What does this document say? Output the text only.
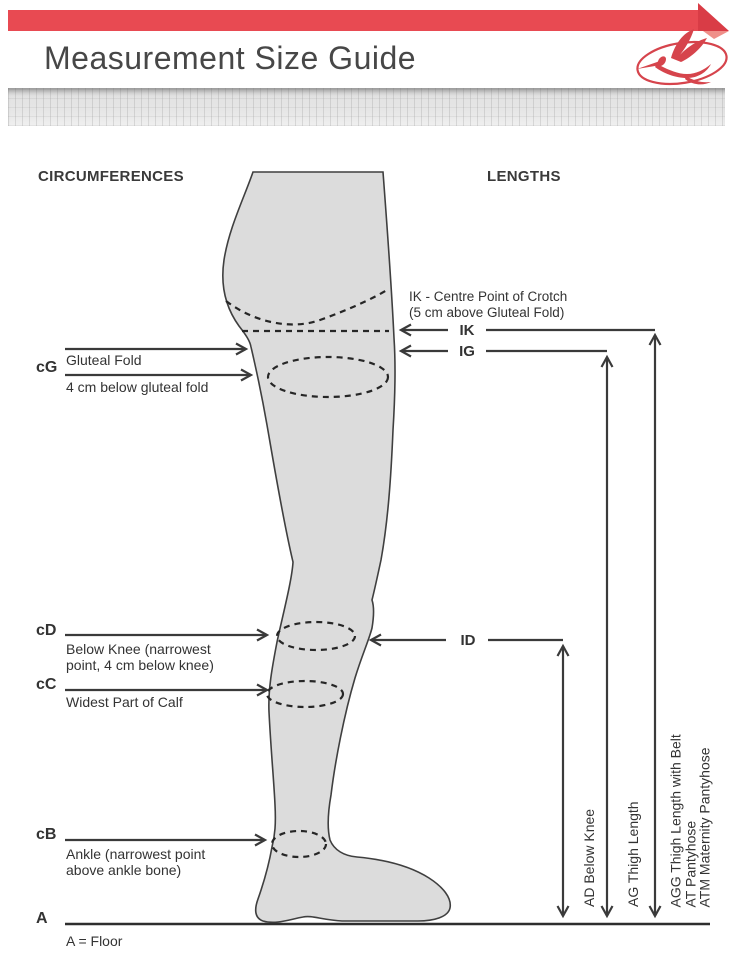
Measurement Size Guide
CIRCUMFERENCES	LENGTHS
cG Gluteal Fold
4 cm below gluteal fold
cD
Below Knee (narrowest
point, 4 cm below knee)
cC
Widest Part of Calf
cB
Ankle (narrowest point
above ankle bone)
A
A = Floor
IK - Centre Point of Crotch
(5 cm above Gluteal Fold)
IK
IG
ID
AD Below Knee AG Thigh Length AGG Thigh Length with Belt
AT Pantyhose
ATM Maternity Pantyhose
